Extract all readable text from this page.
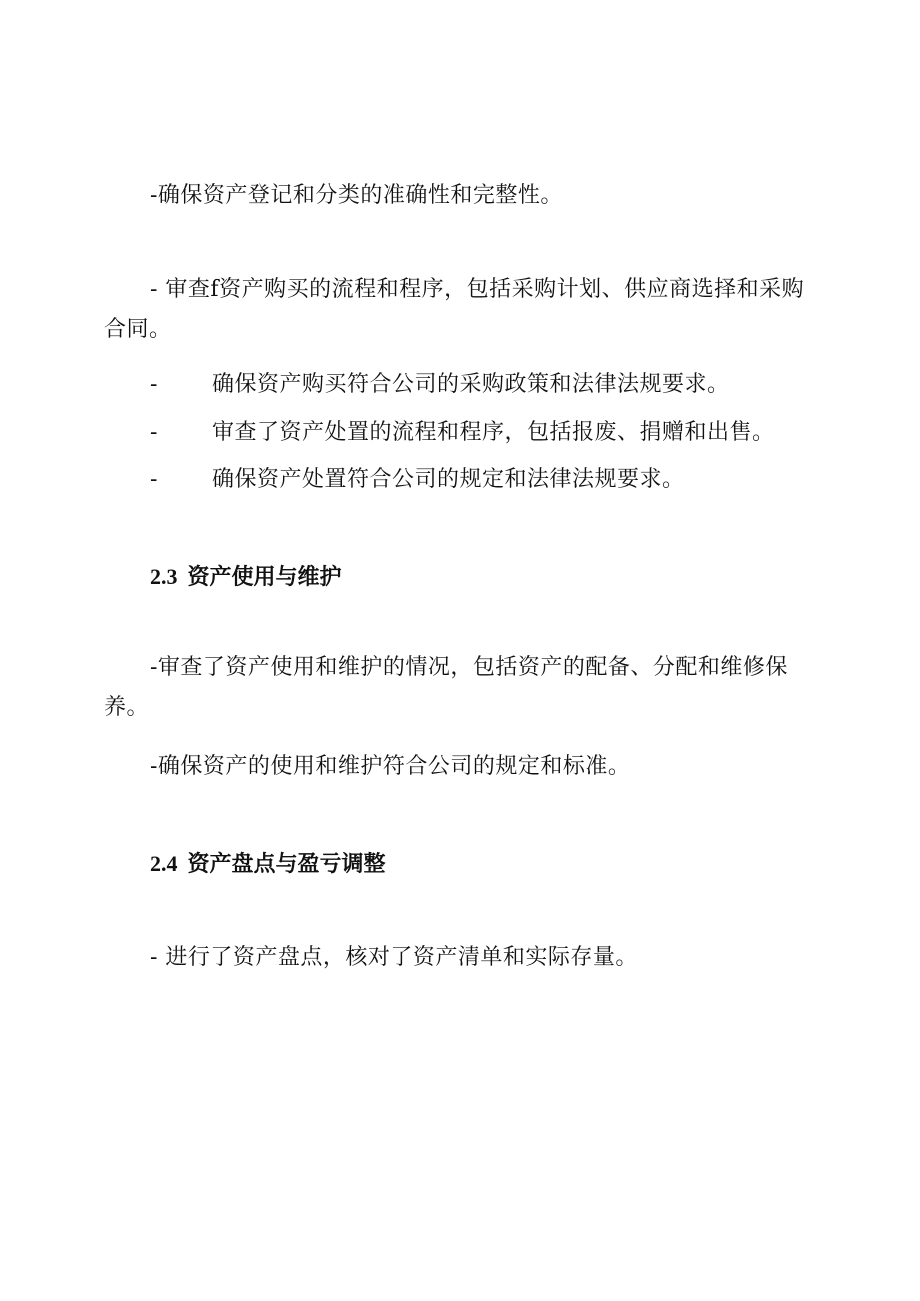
-确保资产登记和分类的准确性和完整性。
- 审查f资产购买的流程和程序，包括采购计划、供应商选择和采购合同。
- 确保资产购买符合公司的采购政策和法律法规要求。
- 审查了资产处置的流程和程序，包括报废、捐赠和出售。
- 确保资产处置符合公司的规定和法律法规要求。
2.3 资产使用与维护
-审查了资产使用和维护的情况，包括资产的配备、分配和维修保养。
-确保资产的使用和维护符合公司的规定和标准。
2.4 资产盘点与盈亏调整
- 进行了资产盘点，核对了资产清单和实际存量。
